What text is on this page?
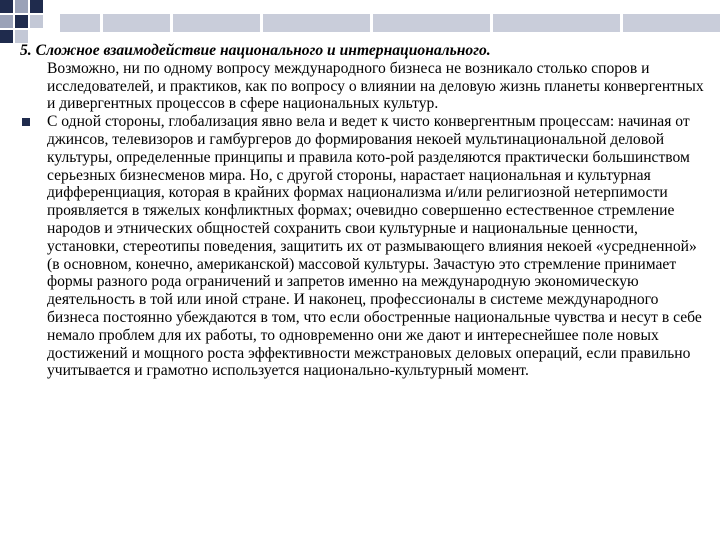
5. Сложное взаимодействие национального и интернационального.
Возможно, ни по одному вопросу международного бизнеса не возникало столько споров и исследователей, и практиков, как по вопросу о влиянии на деловую жизнь планеты конвергентных и дивергентных процессов в сфере национальных культур.

С одной стороны, глобализация явно вела и ведет к чисто конвергентным процессам: начиная от джинсов, телевизоров и гамбургеров до формирования некоей мультинациональной деловой культуры, определенные принципы и правила кото-рой разделяются практически большинством серьезных бизнесменов мира. Но, с другой стороны, нарастает национальная и культурная дифференциация, которая в крайних формах национализма и/или религиозной нетерпимости проявляется в тяжелых конфликтных формах; очевидно совершенно естественное стремление народов и этнических общностей сохранить свои культурные и национальные ценности, установки, стереотипы поведения, защитить их от размывающего влияния некоей «усредненной» (в основном, конечно, американской) массовой культуры. Зачастую это стремление принимает формы разного рода ограничений и запретов именно на международную экономическую деятельность в той или иной стране. И наконец, профессионалы в системе международного бизнеса постоянно убеждаются в том, что если обостренные национальные чувства и несут в себе немало проблем для их работы, то одновременно они же дают и интереснейшее поле новых достижений и мощного роста эффективности межстрановых деловых операций, если правильно учитывается и грамотно используется национально-культурный момент.
